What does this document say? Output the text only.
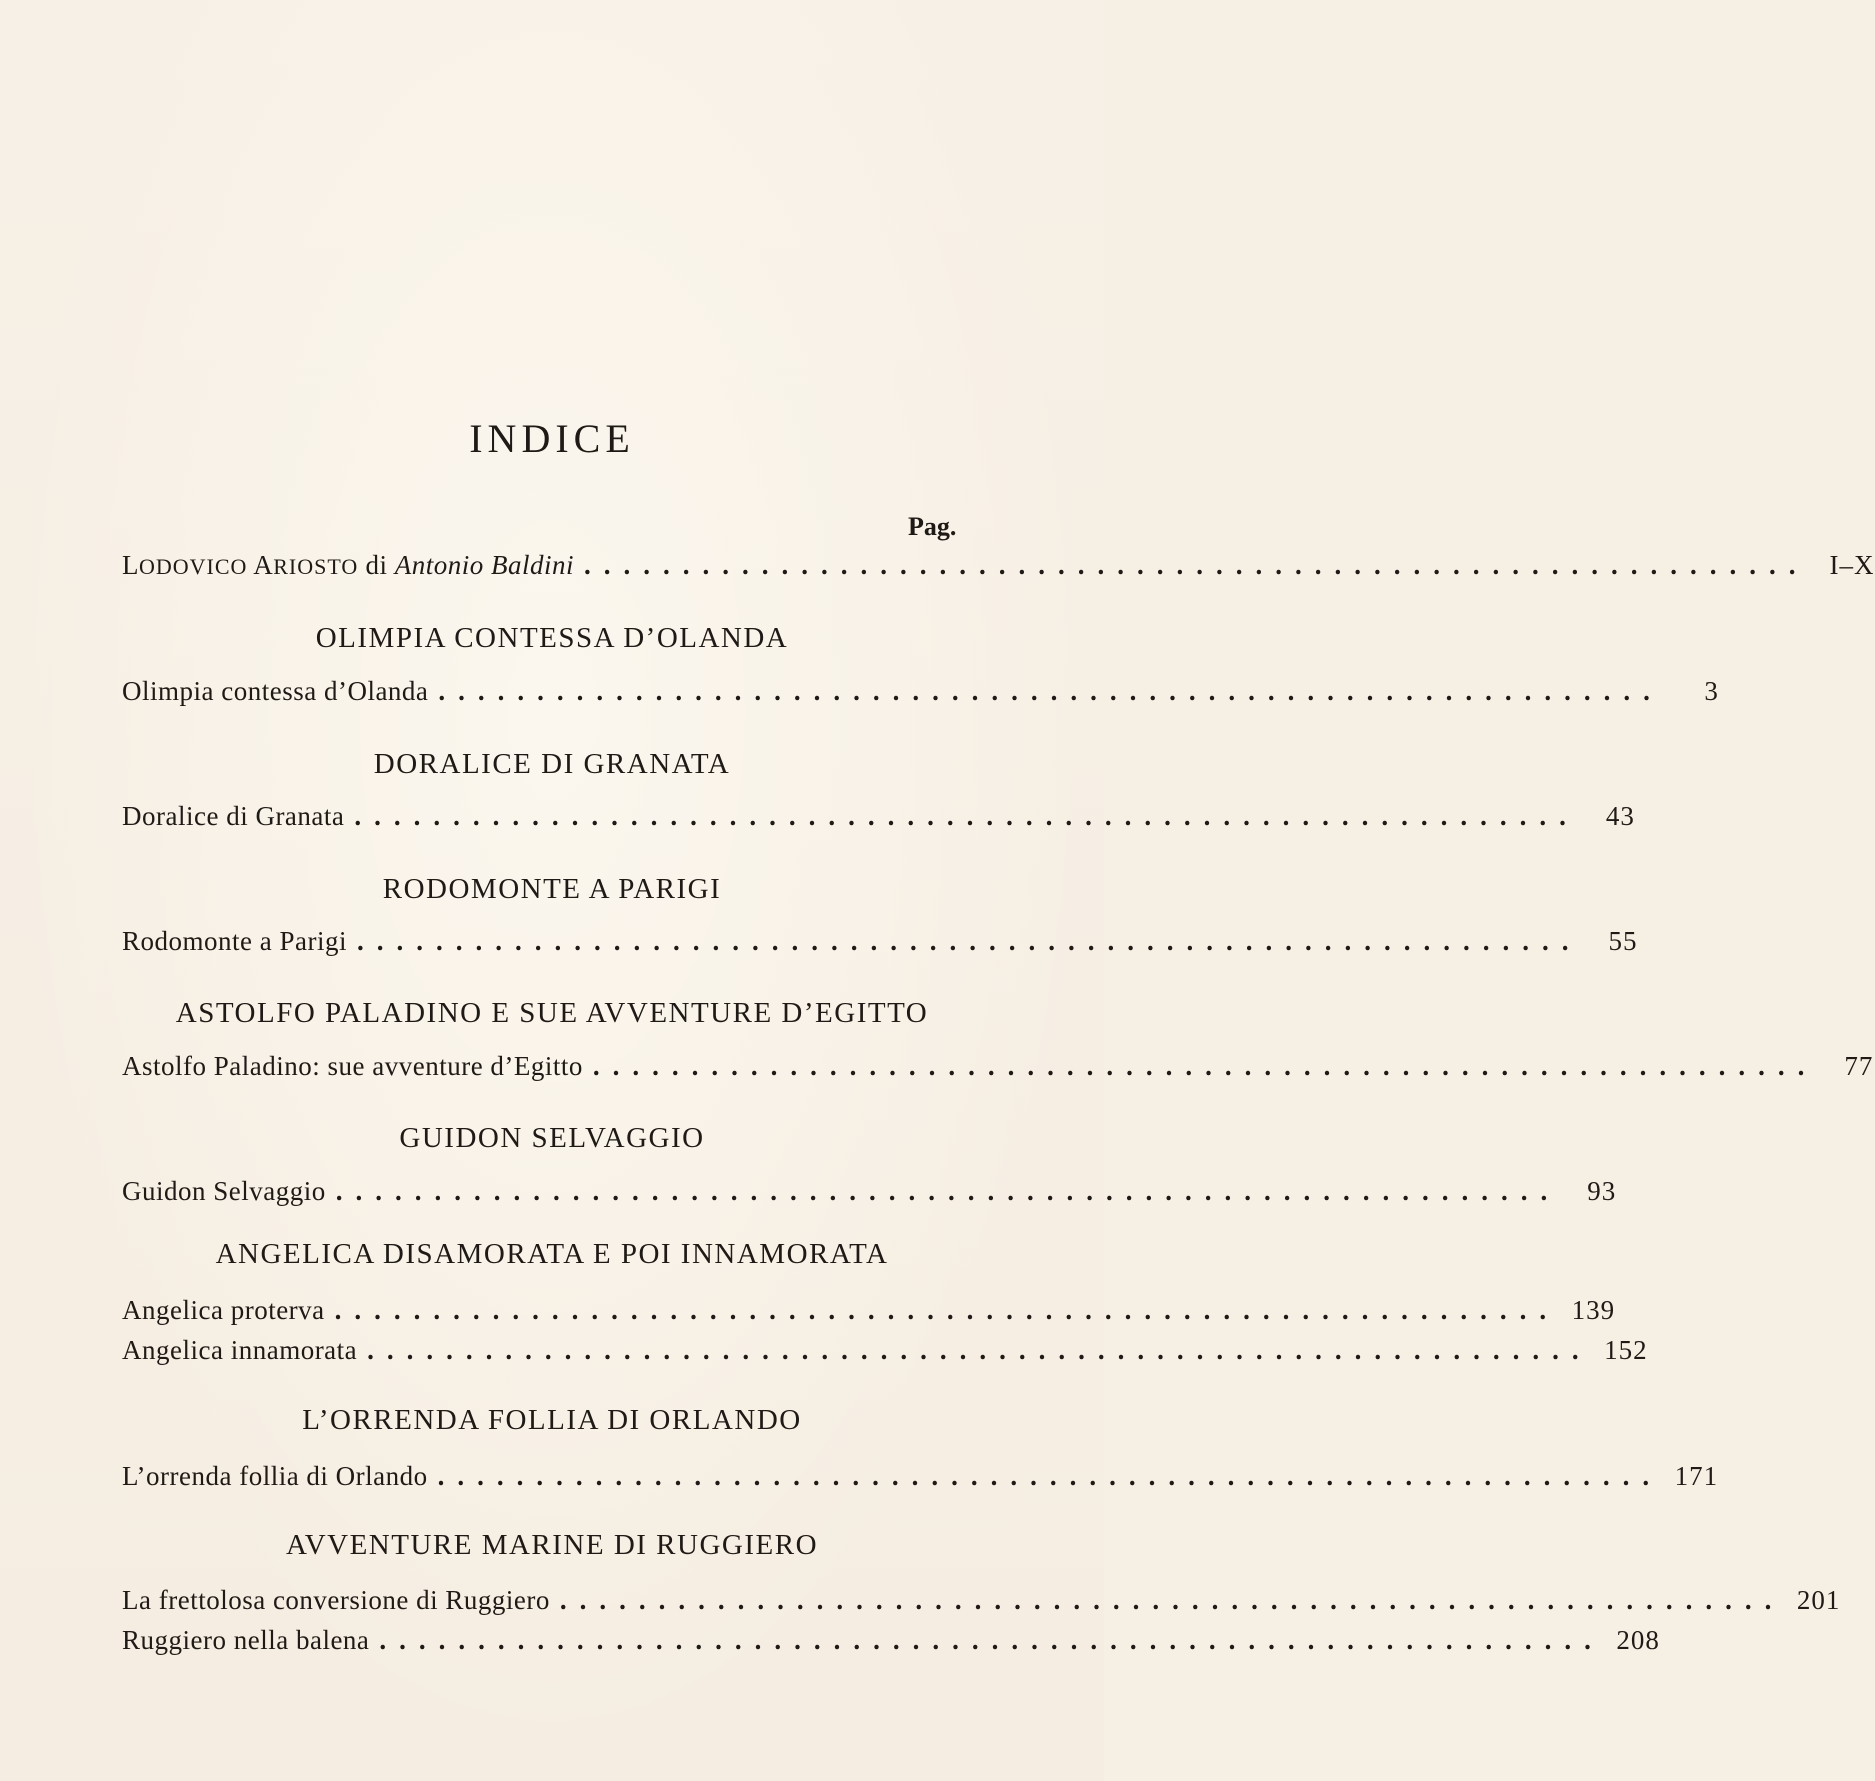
INDICE
Pag.
LODOVICO ARIOSTO di Antonio Baldini .............................................................. I–X
OLIMPIA CONTESSA D’OLANDA
Olimpia contessa d’Olanda ..............................................................	3
DORALICE DI GRANATA
Doralice di Granata ..............................................................	43
RODOMONTE A PARIGI
Rodomonte a Parigi ..............................................................	55
ASTOLFO PALADINO E SUE AVVENTURE D’EGITTO
Astolfo Paladino: sue avventure d’Egitto ..............................................................	77
GUIDON SELVAGGIO
Guidon Selvaggio ..............................................................	93
ANGELICA DISAMORATA E POI INNAMORATA
Angelica proterva .............................................................. 139
Angelica innamorata .............................................................. 152
L’ORRENDA FOLLIA DI ORLANDO
L’orrenda follia di Orlando .............................................................. 171
AVVENTURE MARINE DI RUGGIERO
La frettolosa conversione di Ruggiero .............................................................. 201
Ruggiero nella balena .............................................................. 208
